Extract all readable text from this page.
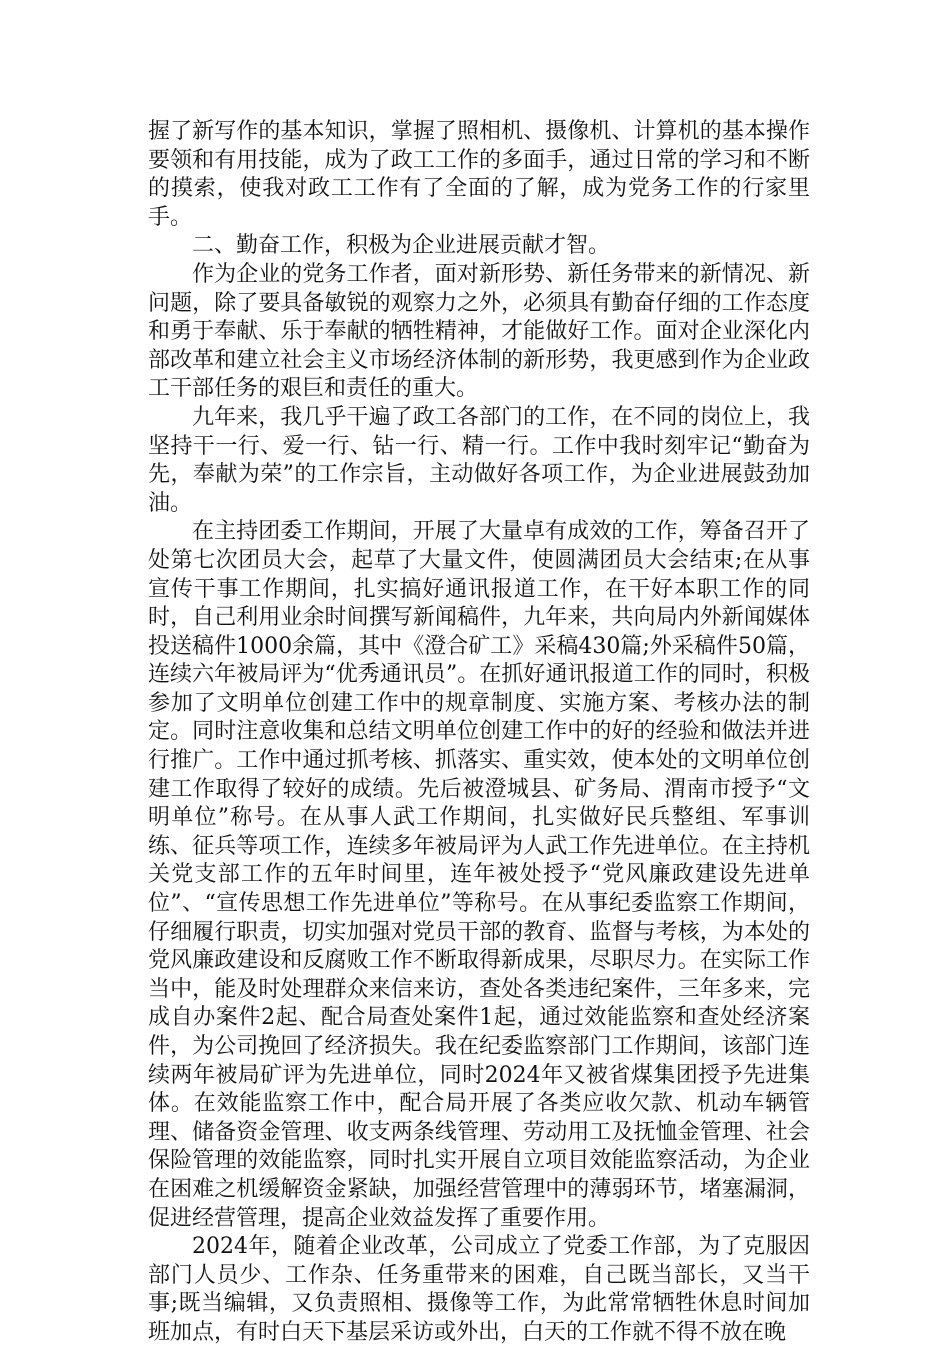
握了新写作的基本知识，掌握了照相机、摄像机、计算机的基本操作要领和有用技能，成为了政工工作的多面手，通过日常的学习和不断的摸索，使我对政工工作有了全面的了解，成为党务工作的行家里手。

二、勤奋工作，积极为企业进展贡献才智。

作为企业的党务工作者，面对新形势、新任务带来的新情况、新问题，除了要具备敏锐的观察力之外，必须具有勤奋仔细的工作态度和勇于奉献、乐于奉献的牺牲精神，才能做好工作。面对企业深化内部改革和建立社会主义市场经济体制的新形势，我更感到作为企业政工干部任务的艰巨和责任的重大。

九年来，我几乎干遍了政工各部门的工作，在不同的岗位上，我坚持干一行、爱一行、钻一行、精一行。工作中我时刻牢记“勤奋为先，奉献为荣”的工作宗旨，主动做好各项工作，为企业进展鼓劲加油。

在主持团委工作期间，开展了大量卓有成效的工作，筹备召开了处第七次团员大会，起草了大量文件，使圆满团员大会结束;在从事宣传干事工作期间，扎实搞好通讯报道工作，在干好本职工作的同时，自己利用业余时间撰写新闻稿件，九年来，共向局内外新闻媒体投送稿件1000余篇，其中《澄合矿工》采稿430篇;外采稿件50篇，连续六年被局评为“优秀通讯员”。在抓好通讯报道工作的同时，积极参加了文明单位创建工作中的规章制度、实施方案、考核办法的制定。同时注意收集和总结文明单位创建工作中的好的经验和做法并进行推广。工作中通过抓考核、抓落实、重实效，使本处的文明单位创建工作取得了较好的成绩。先后被澄城县、矿务局、渭南市授予“文明单位”称号。在从事人武工作期间，扎实做好民兵整组、军事训练、征兵等项工作，连续多年被局评为人武工作先进单位。在主持机关党支部工作的五年时间里，连年被处授予“党风廉政建设先进单位”、“宣传思想工作先进单位”等称号。在从事纪委监察工作期间，仔细履行职责，切实加强对党员干部的教育、监督与考核，为本处的党风廉政建设和反腐败工作不断取得新成果，尽职尽力。在实际工作当中，能及时处理群众来信来访，查处各类违纪案件，三年多来，完成自办案件2起、配合局查处案件1起，通过效能监察和查处经济案件，为公司挽回了经济损失。我在纪委监察部门工作期间，该部门连续两年被局矿评为先进单位，同时2024年又被省煤集团授予先进集体。在效能监察工作中，配合局开展了各类应收欠款、机动车辆管理、储备资金管理、收支两条线管理、劳动用工及抚恤金管理、社会保险管理的效能监察，同时扎实开展自立项目效能监察活动，为企业在困难之机缓解资金紧缺，加强经营管理中的薄弱环节，堵塞漏洞，促进经营管理，提高企业效益发挥了重要作用。

2024年，随着企业改革，公司成立了党委工作部，为了克服因部门人员少、工作杂、任务重带来的困难，自己既当部长，又当干事;既当编辑，又负责照相、摄像等工作，为此常常牺牲休息时间加班加点，有时白天下基层采访或外出，白天的工作就不得不放在晚
